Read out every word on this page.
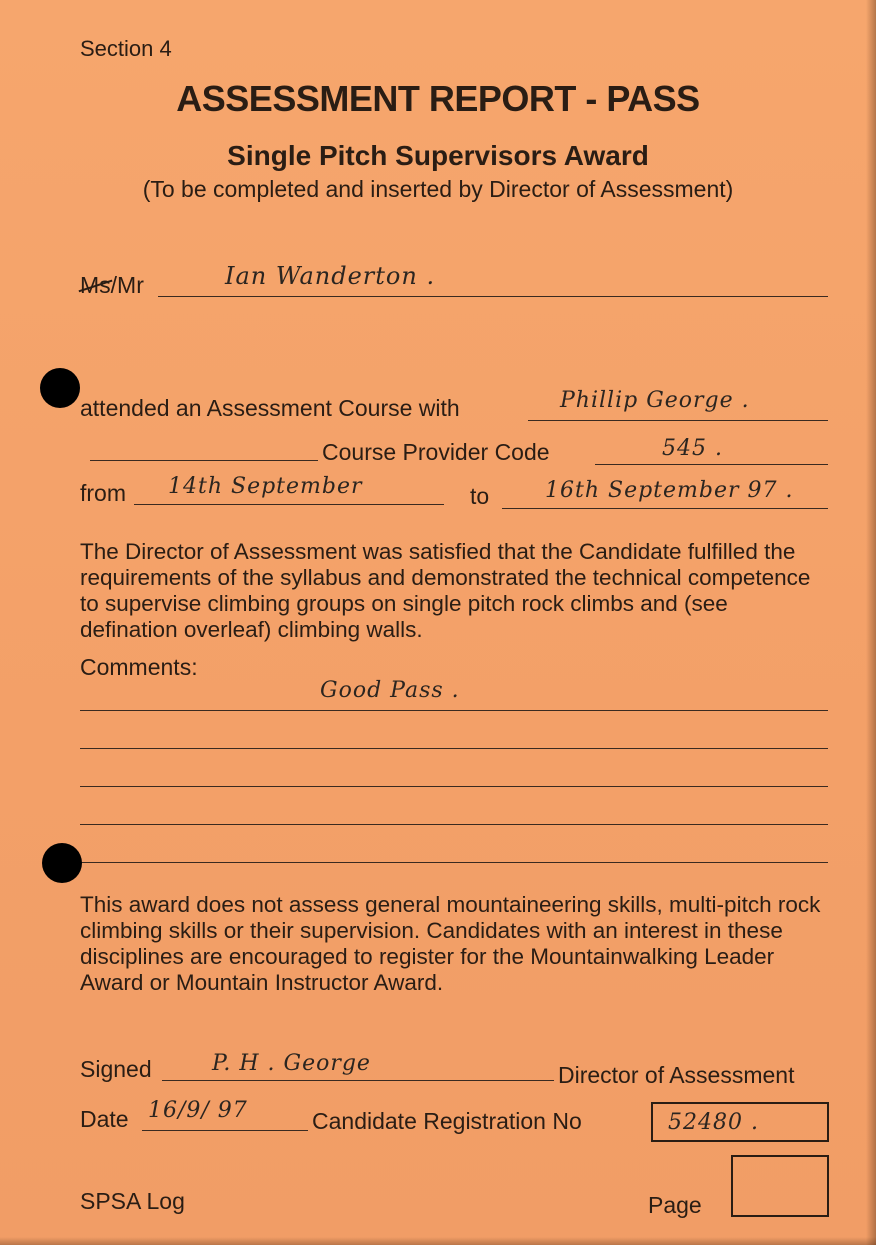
Section 4
ASSESSMENT REPORT - PASS
Single Pitch Supervisors Award
(To be completed and inserted by Director of Assessment)
Ms/Mr	Ian Wanderton .
attended an Assessment Course with	Phillip George .
Course Provider Code	545 .
from 14th September	to	16th September 97 .
The Director of Assessment was satisfied that the Candidate fulfilled the requirements of the syllabus and demonstrated the technical competence to supervise climbing groups on single pitch rock climbs and (see defination overleaf) climbing walls.
Comments:
Good Pass .
This award does not assess general mountaineering skills, multi-pitch rock climbing skills or their supervision. Candidates with an interest in these disciplines are encouraged to register for the Mountainwalking Leader Award or Mountain Instructor Award.
Signed	P. H . George	Director of Assessment
Date 16/9/ 97	Candidate Registration No	52480 .
SPSA Log	Page
